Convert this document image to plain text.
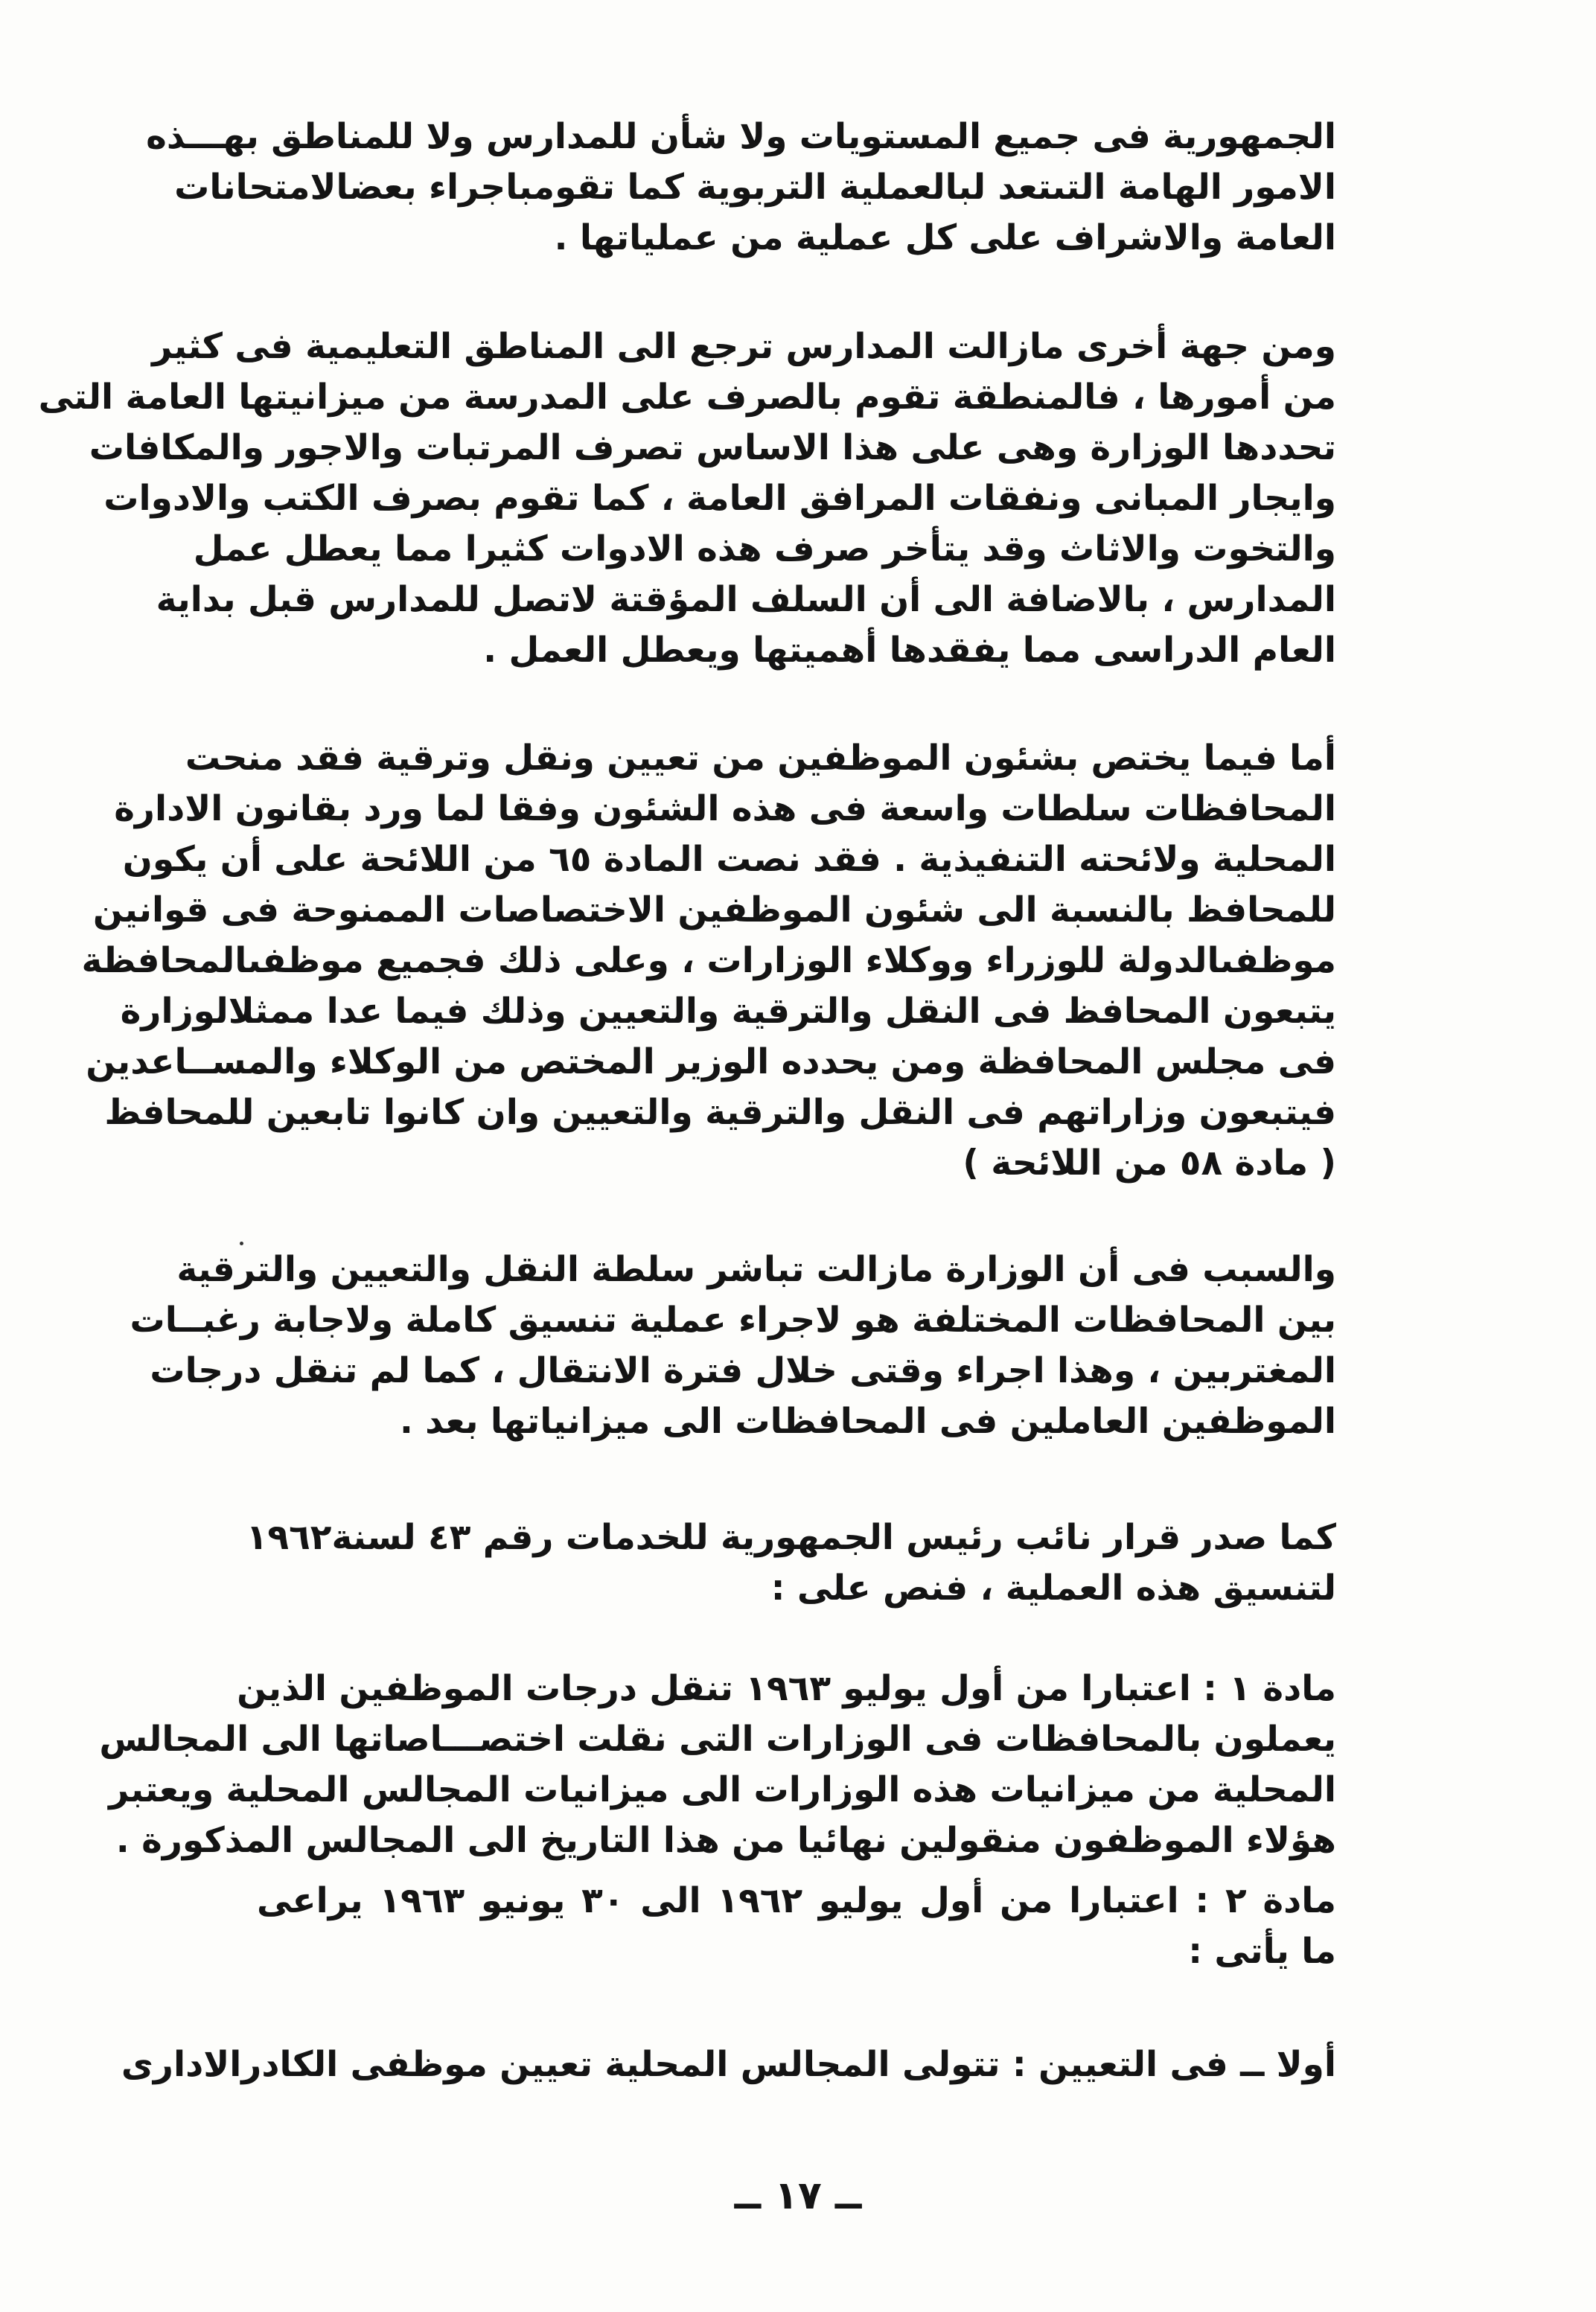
الجمهورية فى جميع المستويات ولا شأن للمدارس ولا للمناطق بهـــذه
الامور الهامة التىتعد لبالعملية التربوية كما تقومباجراء بعضالامتحانات
العامة والاشراف على كل عملية من عملياتها .
ومن جهة أخرى مازالت المدارس ترجع الى المناطق التعليمية فى كثير
من أمورها ، فالمنطقة تقوم بالصرف على المدرسة من ميزانيتها العامة التى
تحددها الوزارة وهى على هذا الاساس تصرف المرتبات والاجور والمكافات
وايجار المبانى ونفقات المرافق العامة ، كما تقوم بصرف الكتب والادوات
والتخوت والاثاث وقد يتأخر صرف هذه الادوات كثيرا مما يعطل عمل
المدارس ، بالاضافة الى أن السلف المؤقتة لاتصل للمدارس قبل بداية
العام الدراسى مما يفقدها أهميتها ويعطل العمل .
أما فيما يختص بشئون الموظفين من تعيين ونقل وترقية فقد منحت
المحافظات سلطات واسعة فى هذه الشئون وفقا لما ورد بقانون الادارة
المحلية ولائحته التنفيذية . فقد نصت المادة ٦٥ من اللائحة على أن يكون
للمحافظ بالنسبة الى شئون الموظفين الاختصاصات الممنوحة فى قوانين
موظفىالدولة للوزراء ووكلاء الوزارات ، وعلى ذلك فجميع موظفىالمحافظة
يتبعون المحافظ فى النقل والترقية والتعيين وذلك فيما عدا ممثلالوزارة
فى مجلس المحافظة ومن يحدده الوزير المختص من الوكلاء والمســاعدين
فيتبعون وزاراتهم فى النقل والترقية والتعيين وان كانوا تابعين للمحافظ
( مادة ٥٨ من اللائحة )
والسبب فى أن الوزارة مازالت تباشر سلطة النقل والتعيين والترقية
بين المحافظات المختلفة هو لاجراء عملية تنسيق كاملة ولاجابة رغبــات
المغتربين ، وهذا اجراء وقتى خلال فترة الانتقال ، كما لم تنقل درجات
الموظفين العاملين فى المحافظات الى ميزانياتها بعد .
كما صدر قرار نائب رئيس الجمهورية للخدمات رقم ٤٣ لسنة١٩٦٢
لتنسيق هذه العملية ، فنص على :
مادة ١ : اعتبارا من أول يوليو ١٩٦٣ تنقل درجات الموظفين الذين
يعملون بالمحافظات فى الوزارات التى نقلت اختصـــاصاتها الى المجالس
المحلية من ميزانيات هذه الوزارات الى ميزانيات المجالس المحلية ويعتبر
هؤلاء الموظفون منقولين نهائيا من هذا التاريخ الى المجالس المذكورة .
مادة ٢ : اعتبارا من أول يوليو ١٩٦٢ الى ٣٠ يونيو ١٩٦٣ يراعى
ما يأتى :
أولا ــ فى التعيين : تتولى المجالس المحلية تعيين موظفى الكادرالادارى
ــ ١٧ ــ
